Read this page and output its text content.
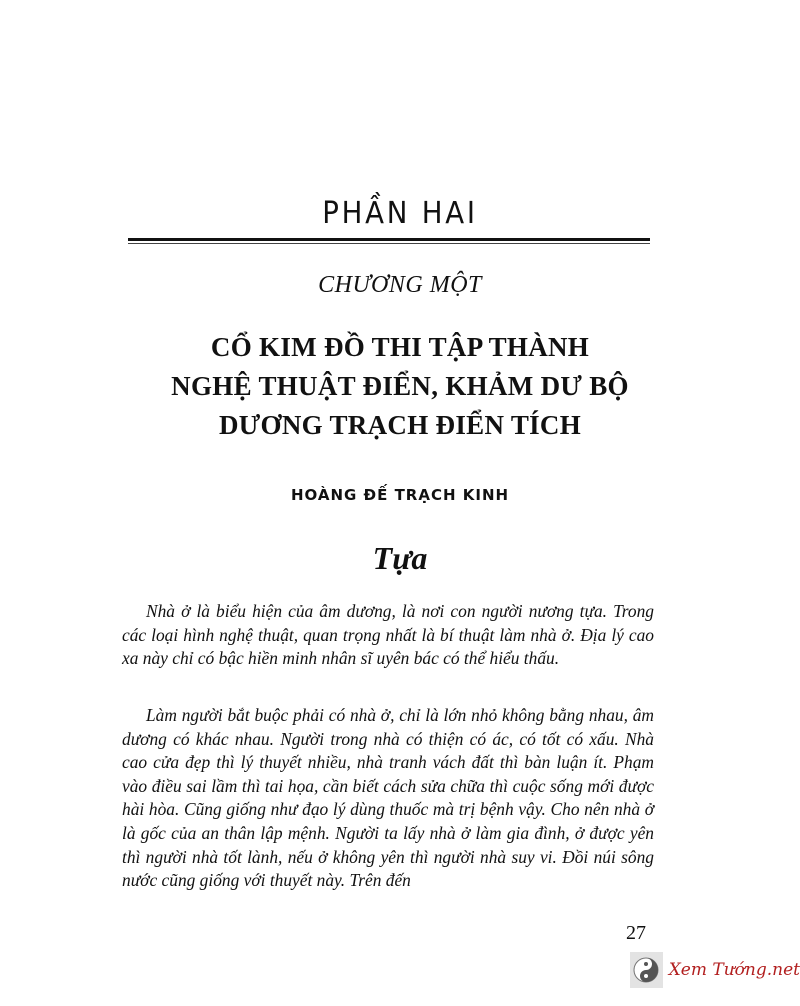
PHẦN HAI
CHƯƠNG MỘT
CỔ KIM ĐỒ THI TẬP THÀNH
NGHỆ THUẬT ĐIỂN, KHẢM DƯ BỘ
DƯƠNG TRẠCH ĐIỂN TÍCH
HOÀNG ĐẾ TRẠCH KINH
Tựa

Nhà ở là biểu hiện của âm dương, là nơi con người nương tựa. Trong các loại hình nghệ thuật, quan trọng nhất là bí thuật làm nhà ở. Địa lý cao xa này chỉ có bậc hiền minh nhân sĩ uyên bác có thể hiểu thấu.

Làm người bắt buộc phải có nhà ở, chỉ là lớn nhỏ không bằng nhau, âm dương có khác nhau. Người trong nhà có thiện có ác, có tốt có xấu. Nhà cao cửa đẹp thì lý thuyết nhiều, nhà tranh vách đất thì bàn luận ít. Phạm vào điều sai lầm thì tai họa, cần biết cách sửa chữa thì cuộc sống mới được hài hòa. Cũng giống như đạo lý dùng thuốc mà trị bệnh vậy. Cho nên nhà ở là gốc của an thân lập mệnh. Người ta lấy nhà ở làm gia đình, ở được yên thì người nhà tốt lành, nếu ở không yên thì người nhà suy vi. Đồi núi sông nước cũng giống với thuyết này. Trên đến

27
Xem Tướng.net
